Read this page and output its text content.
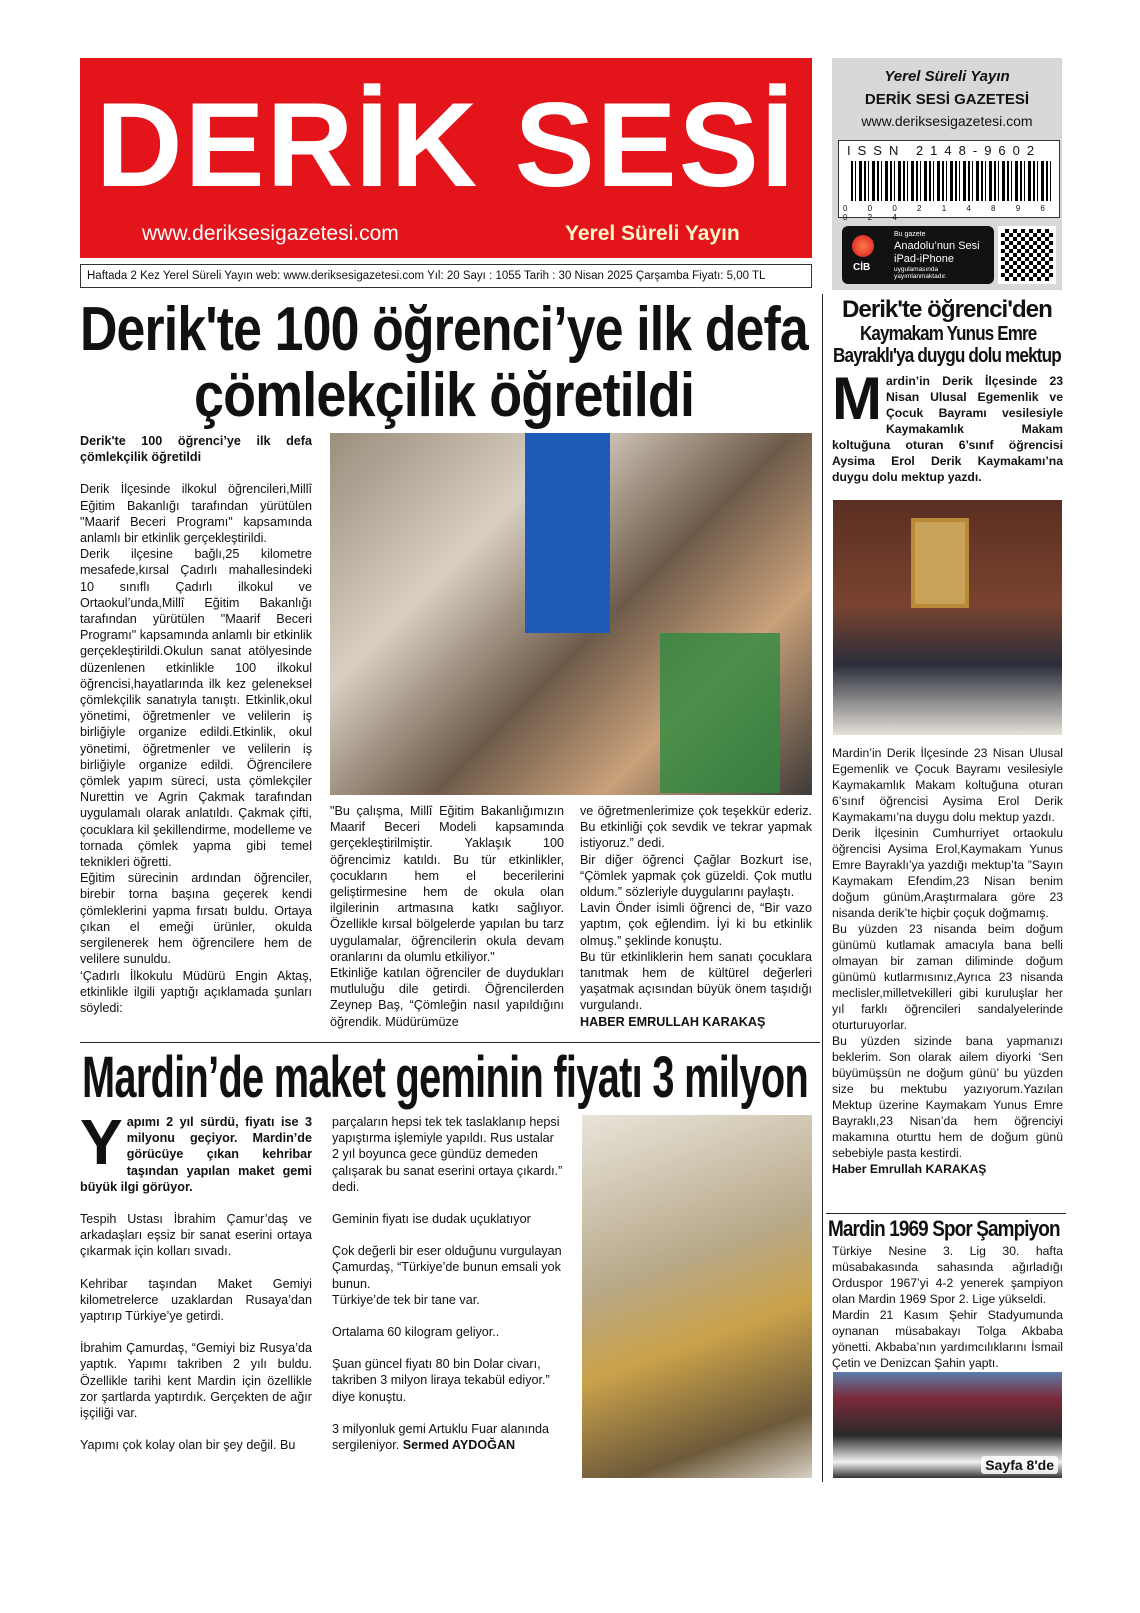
DERİK SESİ
www.deriksesigazetesi.com	Yerel Süreli Yayın
Yerel Süreli Yayın
DERİK SESİ GAZETESİ
www.deriksesigazetesi.com
ISSN 2148-9602
0 0 0 2 1 4 8 9 6 0 2 4
CİB
Bu gazete
Anadolu’nun Sesi
iPad-iPhone
uygulamasında yayımlanmaktadır.
Haftada 2 Kez Yerel Süreli Yayın web: www.deriksesigazetesi.com Yıl: 20 Sayı : 1055 Tarih : 30 Nisan 2025 Çarşamba Fiyatı: 5,00 TL
Derik'te 100 öğrenci’ye ilk defa
çömlekçilik öğretildi

Derik'te 100 öğrenci’ye ilk defa çömlekçilik öğretildi

Derik İlçesinde ilkokul öğrencileri,Millî Eğitim Bakanlığı tarafından yürütülen "Maarif Beceri Programı" kapsamında anlamlı bir etkinlik gerçekleştirildi.

Derik ilçesine bağlı,25 kilometre mesafede,kırsal Çadırlı mahallesindeki 10 sınıflı Çadırlı ilkokul ve Ortaokul’unda,Millî Eğitim Bakanlığı tarafından yürütülen "Maarif Beceri Programı" kapsamında anlamlı bir etkinlik gerçekleştirildi.Okulun sanat atölyesinde düzenlenen etkinlikle 100 ilkokul öğrencisi,hayatlarında ilk kez geleneksel çömlekçilik sanatıyla tanıştı. Etkinlik,okul yönetimi, öğretmenler ve velilerin iş birliğiyle organize edildi.Etkinlik, okul yönetimi, öğretmenler ve velilerin iş birliğiyle organize edildi. Öğrencilere çömlek yapım süreci, usta çömlekçiler Nurettin ve Agrin Çakmak tarafından uygulamalı olarak anlatıldı. Çakmak çifti, çocuklara kil şekillendirme, modelleme ve tornada çömlek yapma gibi temel teknikleri öğretti.

Eğitim sürecinin ardından öğrenciler, birebir torna başına geçerek kendi çömleklerini yapma fırsatı buldu. Ortaya çıkan el emeği ürünler, okulda sergilenerek hem öğrencilere hem de velilere sunuldu.

‘Çadırlı İlkokulu Müdürü Engin Aktaş, etkinlikle ilgili yaptığı açıklamada şunları söyledi:

"Bu çalışma, Millî Eğitim Bakanlığımızın Maarif Beceri Modeli kapsamında gerçekleştirilmiştir. Yaklaşık 100 öğrencimiz katıldı. Bu tür etkinlikler, çocukların hem el becerilerini geliştirmesine hem de okula olan ilgilerinin artmasına katkı sağlıyor. Özellikle kırsal bölgelerde yapılan bu tarz uygulamalar, öğrencilerin okula devam oranlarını da olumlu etkiliyor."

Etkinliğe katılan öğrenciler de duydukları mutluluğu dile getirdi. Öğrencilerden Zeynep Baş, “Çömleğin nasıl yapıldığını öğrendik. Müdürümüze

ve öğretmenlerimize çok teşekkür ederiz. Bu etkinliği çok sevdik ve tekrar yapmak istiyoruz.” dedi.

Bir diğer öğrenci Çağlar Bozkurt ise, “Çömlek yapmak çok güzeldi. Çok mutlu oldum.” sözleriyle duygularını paylaştı.

Lavin Önder isimli öğrenci de, “Bir vazo yaptım, çok eğlendim. İyi ki bu etkinlik olmuş.” şeklinde konuştu.

Bu tür etkinliklerin hem sanatı çocuklara tanıtmak hem de kültürel değerleri yaşatmak açısından büyük önem taşıdığı vurgulandı.

HABER EMRULLAH KARAKAŞ

Mardin’de maket geminin fiyatı 3 milyon

Yapımı 2 yıl sürdü, fiyatı ise 3 milyonu geçiyor. Mardin’de görücüye çıkan kehribar taşından yapılan maket gemi büyük ilgi görüyor.

Tespih Ustası İbrahim Çamur’daş ve arkadaşları eşsiz bir sanat eserini ortaya çıkarmak için kolları sıvadı.

Kehribar taşından Maket Gemiyi kilometrelerce uzaklardan Rusaya’dan yaptırıp Türkiye’ye getirdi.

İbrahim Çamurdaş, “Gemiyi biz Rusya’da yaptık. Yapımı takriben 2 yılı buldu. Özellikle tarihi kent Mardin için özellikle zor şartlarda yaptırdık. Gerçekten de ağır işçiliği var.

Yapımı çok kolay olan bir şey değil. Bu

parçaların hepsi tek tek taslaklanıp hepsi yapıştırma işlemiyle yapıldı. Rus ustalar 2 yıl boyunca gece gündüz demeden çalışarak bu sanat eserini ortaya çıkardı.” dedi.

Geminin fiyatı ise dudak uçuklatıyor

Çok değerli bir eser olduğunu vurgulayan Çamurdaş, “Türkiye’de bunun emsali yok bunun.

Türkiye’de tek bir tane var.

Ortalama 60 kilogram geliyor..

Şuan güncel fiyatı 80 bin Dolar civarı, takriben 3 milyon liraya tekabül ediyor.” diye konuştu.

3 milyonluk gemi Artuklu Fuar alanında sergileniyor. Sermed AYDOĞAN

Derik'te öğrenci'den
Kaymakam Yunus Emre
Bayraklı'ya duygu dolu mektup

Mardin’in Derik İlçesinde 23 Nisan Ulusal Egemenlik ve Çocuk Bayramı vesilesiyle Kaymakamlık Makam koltuğuna oturan 6’sınıf öğrencisi Aysima Erol Derik Kaymakamı’na duygu dolu mektup yazdı.

Mardin’in Derik İlçesinde 23 Nisan Ulusal Egemenlik ve Çocuk Bayramı vesilesiyle Kaymakamlık Makam koltuğuna oturan 6’sınıf öğrencisi Aysima Erol Derik Kaymakamı’na duygu dolu mektup yazdı.

Derik İlçesinin Cumhurriyet ortaokulu öğrencisi Aysima Erol,Kaymakam Yunus Emre Bayraklı’ya yazdığı mektup’ta ”Sayın Kaymakam Efendim,23 Nisan benim doğum günüm,Araştırmalara göre 23 nisanda derik’te hiçbir çoçuk doğmamış.

Bu yüzden 23 nisanda beim doğum günümü kutlamak amacıyla bana belli olmayan bir zaman diliminde doğum günümü kutlarmısınız,Ayrıca 23 nisanda meclisler,milletvekilleri gibi kuruluşlar her yıl farklı öğrencileri sandalyelerinde oturturuyorlar.

Bu yüzden sizinde bana yapmanızı beklerim. Son olarak ailem diyorki ‘Sen büyümüşsün ne doğum günü’ bu yüzden size bu mektubu yazıyorum.Yazılan Mektup üzerine Kaymakam Yunus Emre Bayraklı,23 Nisan’da hem öğrenciyi makamına oturttu hem de doğum günü sebebiyle pasta kestirdi.

Haber Emrullah KARAKAŞ

Mardin 1969 Spor Şampiyon

Türkiye Nesine 3. Lig 30. hafta müsabakasında sahasında ağırladığı Orduspor 1967’yi 4-2 yenerek şampiyon olan Mardin 1969 Spor 2. Lige yükseldi.

Mardin 21 Kasım Şehir Stadyumunda oynanan müsabakayı Tolga Akbaba yönetti. Akbaba’nın yardımcılıklarını İsmail Çetin ve Denizcan Şahin yaptı.

Sayfa 8'de
